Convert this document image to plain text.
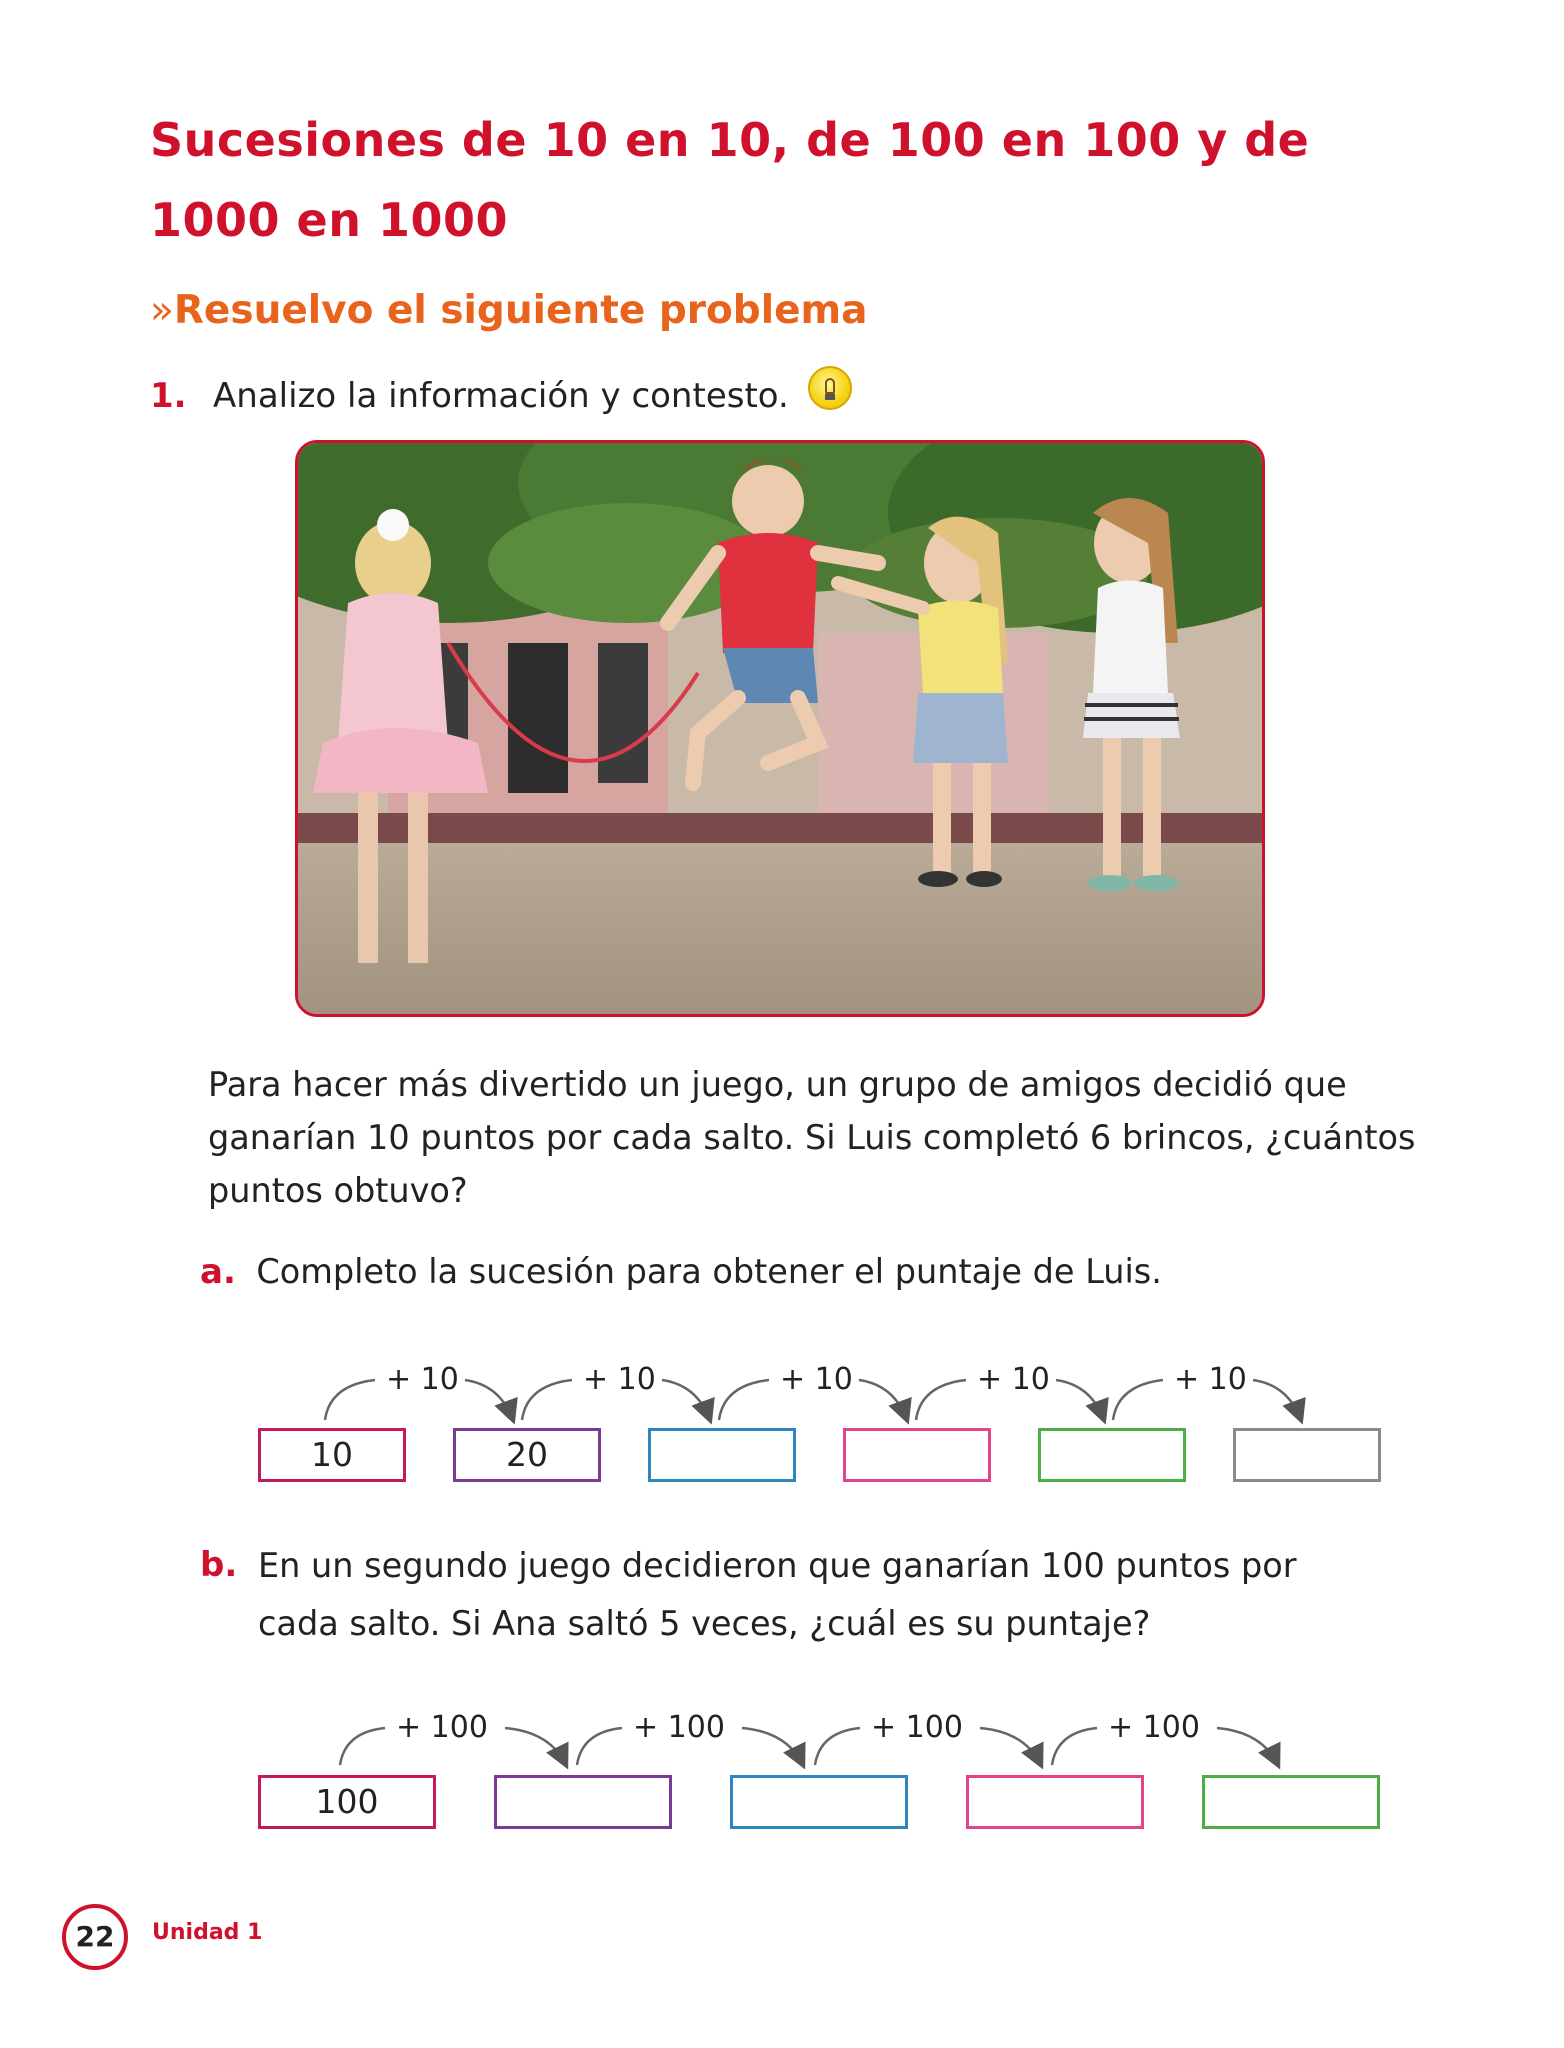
Sucesiones de 10 en 10, de 100 en 100 y de 1000 en 1000
»Resuelvo el siguiente problema
1. Analizo la información y contesto.
Para hacer más divertido un juego, un grupo de amigos decidió que ganarían 10 puntos por cada salto. Si Luis completó 6 brincos, ¿cuántos puntos obtuvo?
a. Completo la sucesión para obtener el puntaje de Luis.
+ 10	+ 10	+ 10	+ 10	+ 10
10	20
b. En un segundo juego decidieron que ganarían 100 puntos por cada salto. Si Ana saltó 5 veces, ¿cuál es su puntaje?
+ 100	+ 100	+ 100	+ 100
100
22	Unidad 1
